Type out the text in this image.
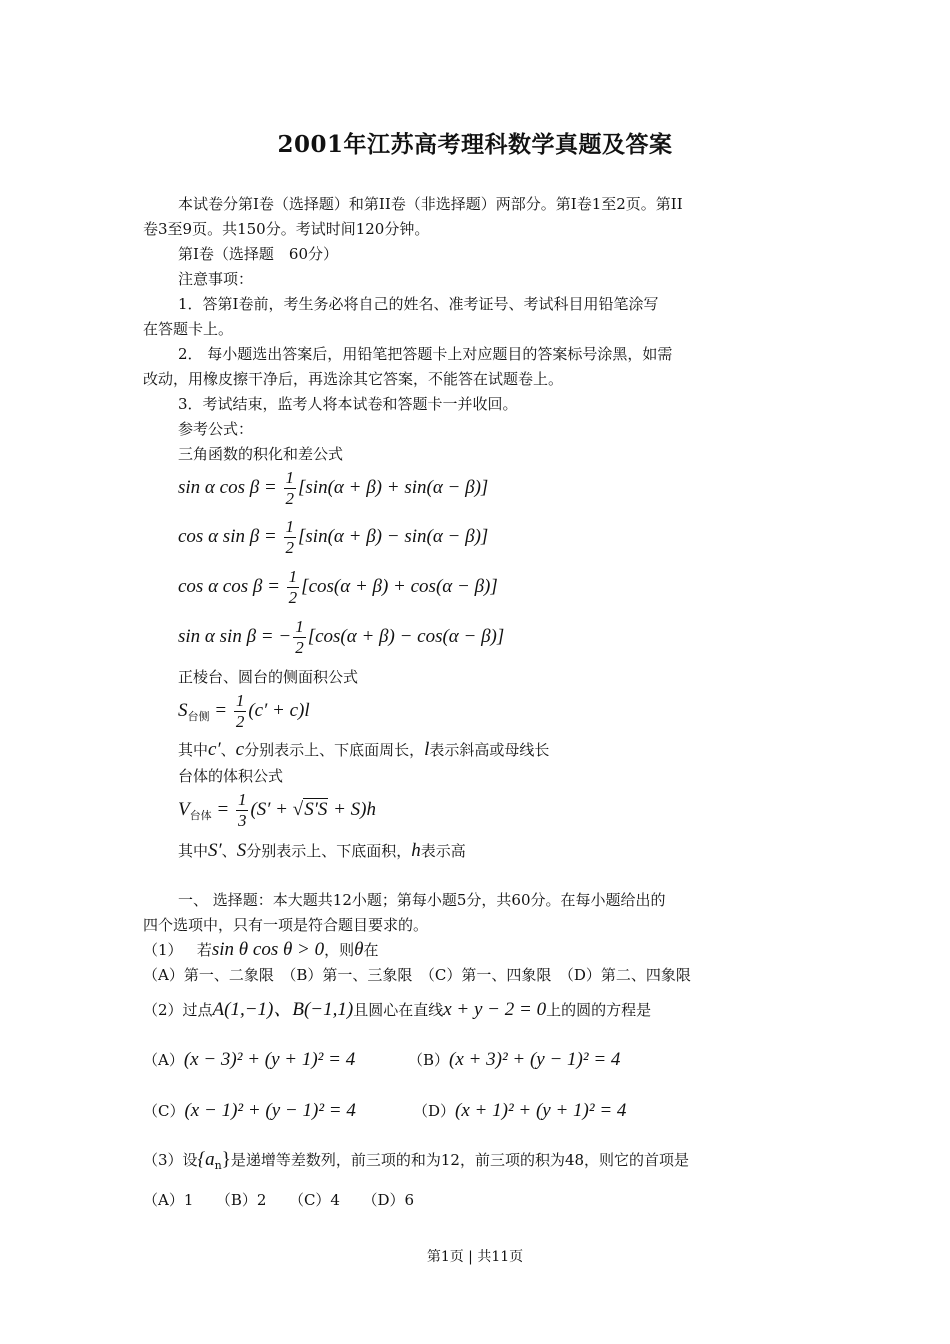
2001年江苏高考理科数学真题及答案
本试卷分第Ⅰ卷（选择题）和第II卷（非选择题）两部分。第Ⅰ卷1至2页。第II
卷3至9页。共150分。考试时间120分钟。
第Ⅰ卷（选择题　60分）
注意事项：
1．答第Ⅰ卷前，考生务必将自己的姓名、准考证号、考试科目用铅笔涂写
在答题卡上。
2． 每小题选出答案后，用铅笔把答题卡上对应题目的答案标号涂黑，如需
改动，用橡皮擦干净后，再选涂其它答案，不能答在试题卷上。
3．考试结束，监考人将本试卷和答题卡一并收回。
参考公式：
三角函数的积化和差公式
sin α $\cos \beta = \frac{1}{2} [\sin(\alpha + \beta) + \sin(\alpha - \beta)]$
cos α $\sin \beta = \frac{1}{2} [\sin(\alpha + \beta) - \sin(\alpha - \beta)]$
cos α $\cos \beta = \frac{1}{2} [\cos(\alpha + \beta) + \cos(\alpha - \beta)]$
sin α sin β = − $\frac{1}{2} [\cos(\alpha + \beta) - \cos(\alpha - \beta)]$
正棱台、圆台的侧面积公式
$S_{台侧} = \frac{1}{2} (c' + c)l$
其中c′、c分别表示上、下底面周长，l表示斜高或母线长
台体的体积公式
$V_{台体} = \frac{1}{3} (S' + √S'S + S)h$
其中S′、S分别表示上、下底面积，h表示高
一、 选择题：本大题共12小题；第每小题5分，共60分。在每小题给出的
四个选项中，只有一项是符合题目要求的。
（1） 若sin θ cos θ > 0，则θ在
（A）第一、二象限　（B）第一、三象限　（C）第一、四象限　（D）第二、四象限
（2）过点A(1,−1)、B(−1,1)且圆心在直线x + y − 2 = 0上的圆的方程是
（A）(x − 3)² + (y + 1)² = 4	（B）(x + 3)² + (y − 1)² = 4
（C）(x − 1)² + (y − 1)² = 4	（D）(x + 1)² + (y + 1)² = 4
（3）设$\{a_n\}$是递增等差数列，前三项的和为12，前三项的积为48，则它的首项是
（A）1　　（B）2　　（C）4　　（D）6
第1页 | 共11页
